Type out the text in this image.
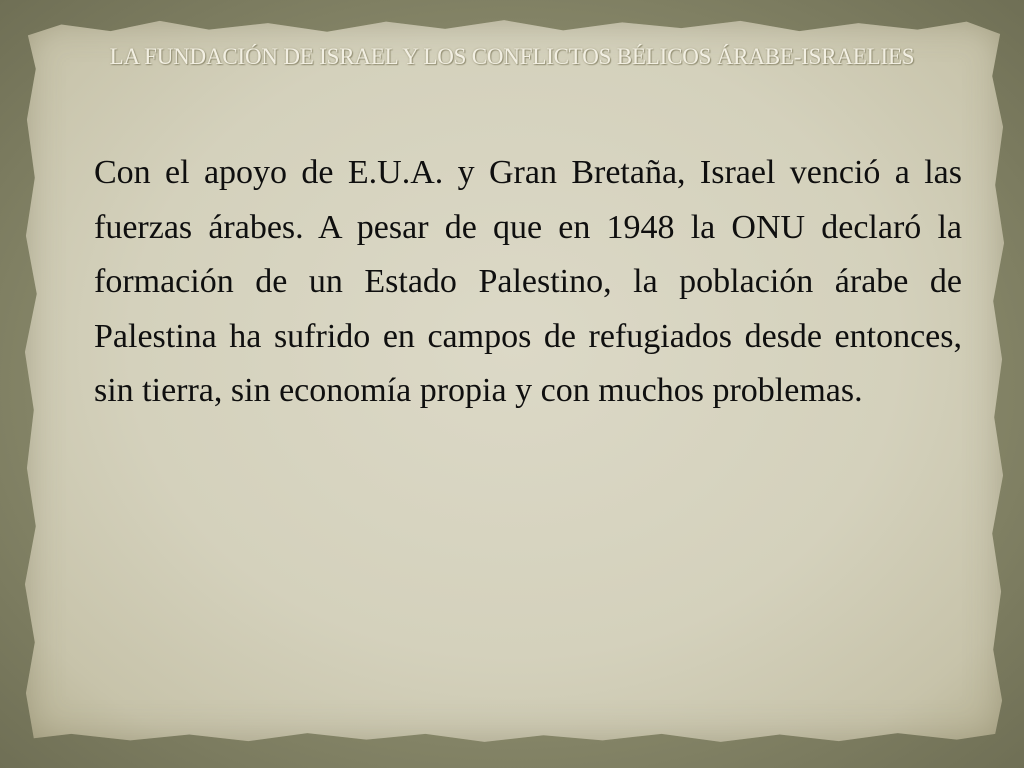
LA FUNDACIÓN DE ISRAEL Y LOS CONFLICTOS BÉLICOS ÁRABE-ISRAELIES

Con el apoyo de E.U.A. y Gran Bretaña, Israel venció a las fuerzas árabes. A pesar de que en 1948 la ONU declaró la formación de un Estado Palestino, la población árabe de Palestina ha sufrido en campos de refugiados desde entonces, sin tierra, sin economía propia y con muchos problemas.
